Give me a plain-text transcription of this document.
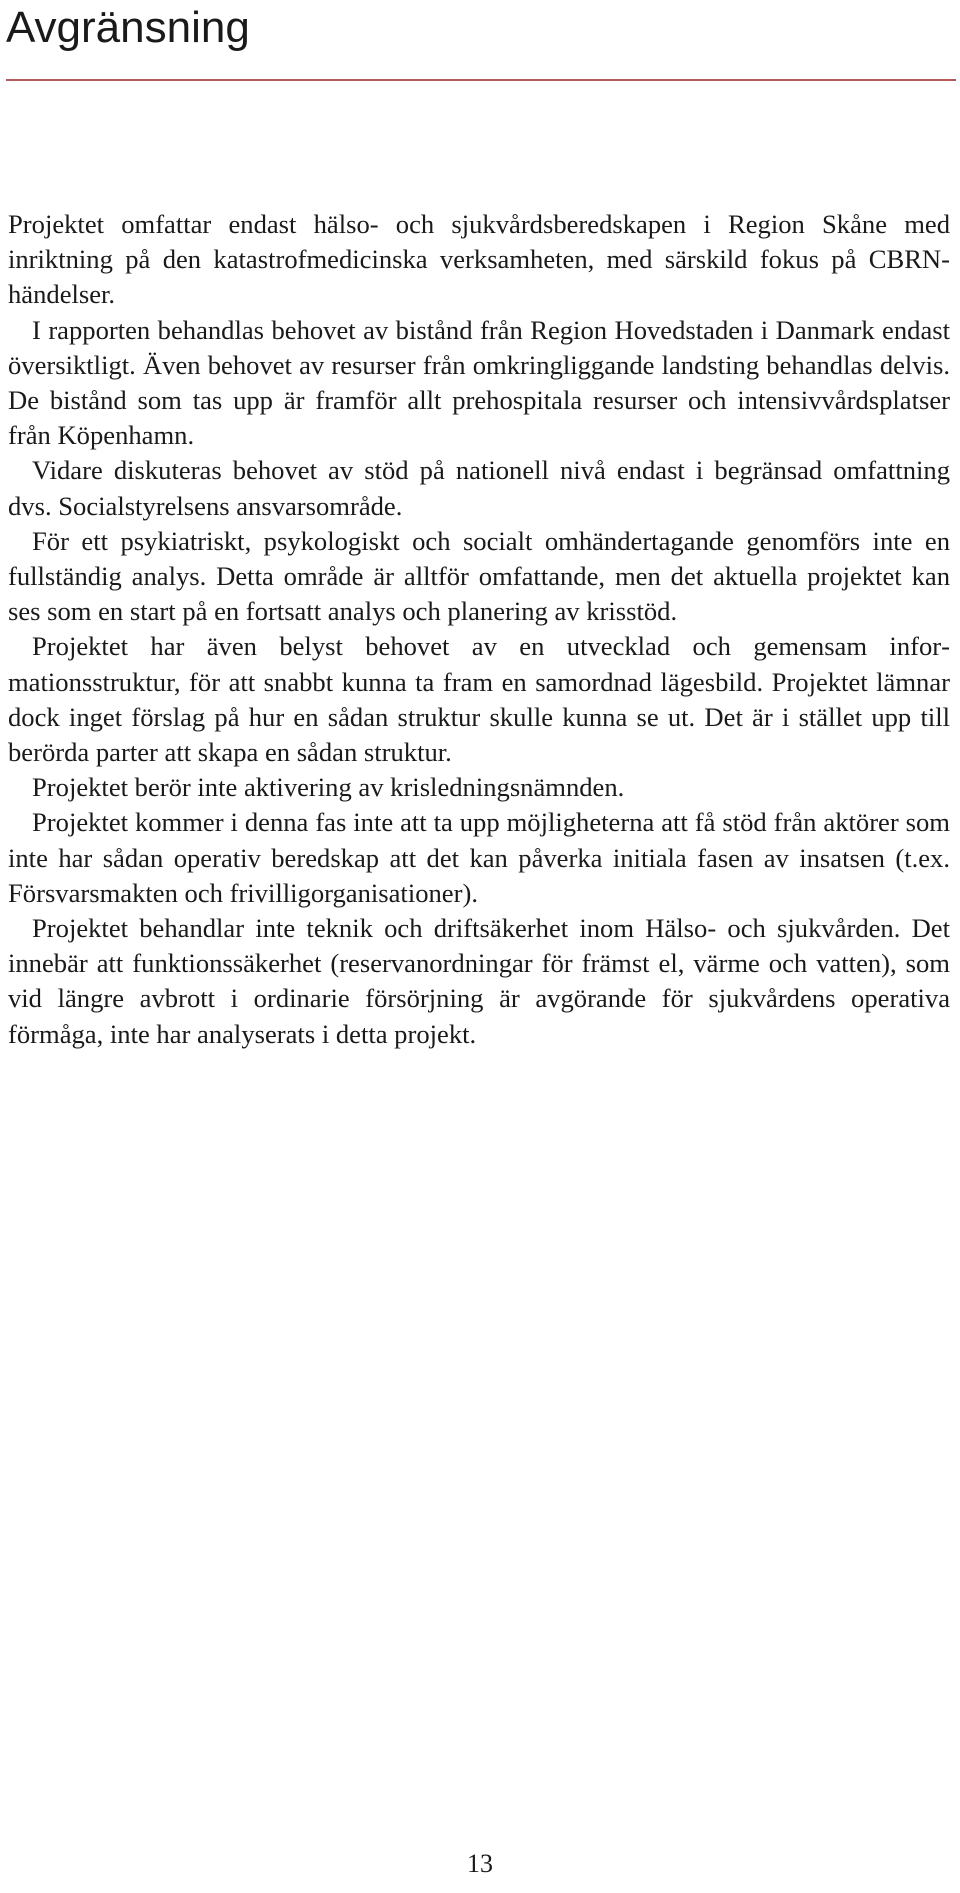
Avgränsning

Projektet omfattar endast hälso- och sjukvårdsberedskapen i Region Skåne med inriktning på den katastrofmedicinska verksamheten, med särskild fokus på CBRN-händelser.

I rapporten behandlas behovet av bistånd från Region Hovedstaden i Danmark endast översiktligt. Även behovet av resurser från omkringliggande landsting behandlas delvis. De bistånd som tas upp är framför allt prehospitala resurser och intensivvårdsplatser från Köpenhamn.

Vidare diskuteras behovet av stöd på nationell nivå endast i begränsad omfattning dvs. Socialstyrelsens ansvarsområde.

För ett psykiatriskt, psykologiskt och socialt omhändertagande genomförs inte en fullständig analys. Detta område är alltför omfattande, men det aktuella projektet kan ses som en start på en fortsatt analys och planering av krisstöd.

Projektet har även belyst behovet av en utvecklad och gemensam informationsstruktur, för att snabbt kunna ta fram en samordnad lägesbild. Projektet lämnar dock inget förslag på hur en sådan struktur skulle kunna se ut. Det är i stället upp till berörda parter att skapa en sådan struktur.

Projektet berör inte aktivering av krisledningsnämnden.

Projektet kommer i denna fas inte att ta upp möjligheterna att få stöd från aktörer som inte har sådan operativ beredskap att det kan påverka initiala fasen av insatsen (t.ex. Försvarsmakten och frivilligorganisationer).

Projektet behandlar inte teknik och driftsäkerhet inom Hälso- och sjukvården. Det innebär att funktionssäkerhet (reservanordningar för främst el, värme och vatten), som vid längre avbrott i ordinarie försörjning är avgörande för sjukvårdens operativa förmåga, inte har analyserats i detta projekt.

13
